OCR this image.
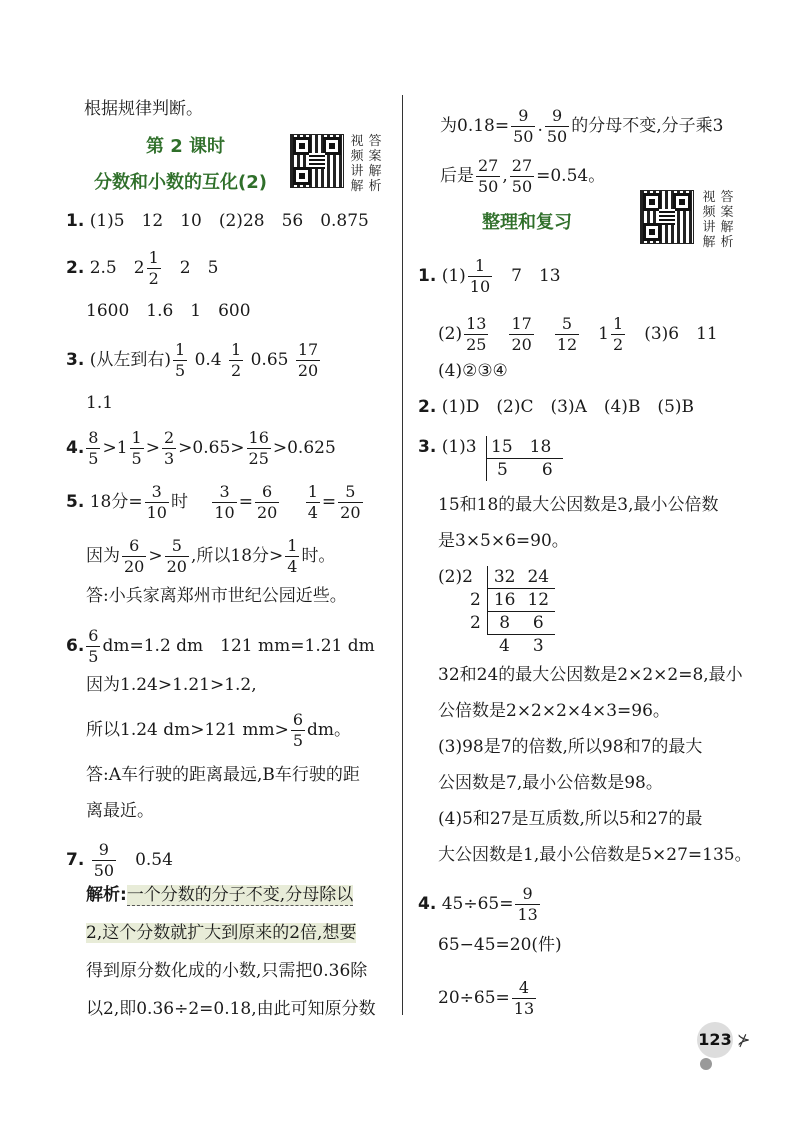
根据规律判断。
第 2 课时
分数和小数的互化(2)
视
频
讲
解
答
案
解
析
1. (1)5　12　10　(2)28　56　0.875
2. 2.5　$2 \frac{1}{2}$ 　2　5
1600　1.6　1　600
3. (从左到右) $\frac{1}{5} 0.4 \frac{1}{2} 0.65 \frac{17}{20}$
1.1
4. $\frac{8}{5} >1 \frac{1}{5} > \frac{2}{3} >0.65> \frac{16}{25} >0.625$
5. 18分= $\frac{3}{10}$ 时　 $\frac{3}{10} = \frac{6}{20}$
　 $\frac{1}{4} = \frac{5}{20}$
因为 $\frac{6}{20} > \frac{5}{20}$ ,所以18分> $\frac{1}{4}$ 时。
答:小兵家离郑州市世纪公园近些。
6. $\frac{6}{5} dm=1.2$ dm　121 mm=1.21 dm
因为1.24>1.21>1.2,
所以1.24 dm>121 $mm> \frac{6}{5}$ dm。
答:A车行驶的距离最远,B车行驶的距
离最近。
7. $\frac{9}{50}$
　 0.54
解析:一个分数的分子不变,分母除以
2,这个分数就扩大到原来的2倍,想要
得到原分数化成的小数,只需把0.36除
以2,即0.36÷2=0.18,由此可知原分数
为$0.18= \frac{9}{50}$ . $\frac{9}{50}$ 的分母不变,分子乘3
后是 $\frac{27}{50}$ , $\frac{27}{50} =0.54$。
整理和复习
视
频
讲
解
答
案
解
析
1. $(1) \frac{1}{10}$
　 7　13
$(2) \frac{13}{25}$
　 $\frac{17}{20}$
　 $\frac{5}{12}$
　 $1 \frac{1}{2}$
　 (3)6　11
(4)②③④
2. (1)D　(2)C　(3)A　(4)B　(5)B
3. (1)3 15　 18
5　　 6
15和18的最大公因数是3,最小公倍数
是3×5×6=90。
(2)2
	32	24
2	16	12
2	8	6
	4	3
32和24的最大公因数是2×2×2=8,最小
公倍数是2×2×2×4×3=96。
(3)98是7的倍数,所以98和7的最大
公因数是7,最小公倍数是98。
(4)5和27是互质数,所以5和27的最
大公因数是1,最小公倍数是5×27=135。
4. $45\div 65= \frac{9}{13}$
65−45=20(件)
$20\div 65= \frac{4}{13}$
123 ⊁
